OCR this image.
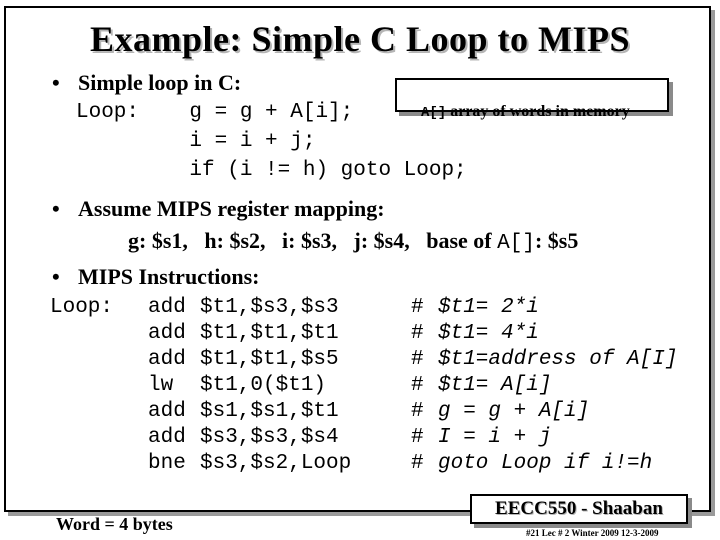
Example: Simple C Loop to MIPS
• Simple loop in C:
Loop:    g = g + A[i];
i = i + j;
if (i != h) goto Loop;

A[] array of words in memory

• Assume MIPS register mapping:
g: $s1,   h: $s2,   i: $s3,   j: $s4,   base of A[]: $s5
• MIPS Instructions:
Loop: add
add
add
lw
add
add
bne
$t1,$s3,$s3
$t1,$t1,$t1
$t1,$t1,$s5
$t1,0($t1)
$s1,$s1,$t1
$s3,$s3,$s4
$s3,$s2,Loop
#
#
#
#
#
#
#
$t1= 2*i
$t1= 4*i
$t1=address of A[I]
$t1= A[i]
g = g + A[i]
I = i + j
goto Loop if i!=h
Word = 4 bytes
EECC550 - Shaaban
#21 Lec # 2 Winter 2009 12-3-2009
